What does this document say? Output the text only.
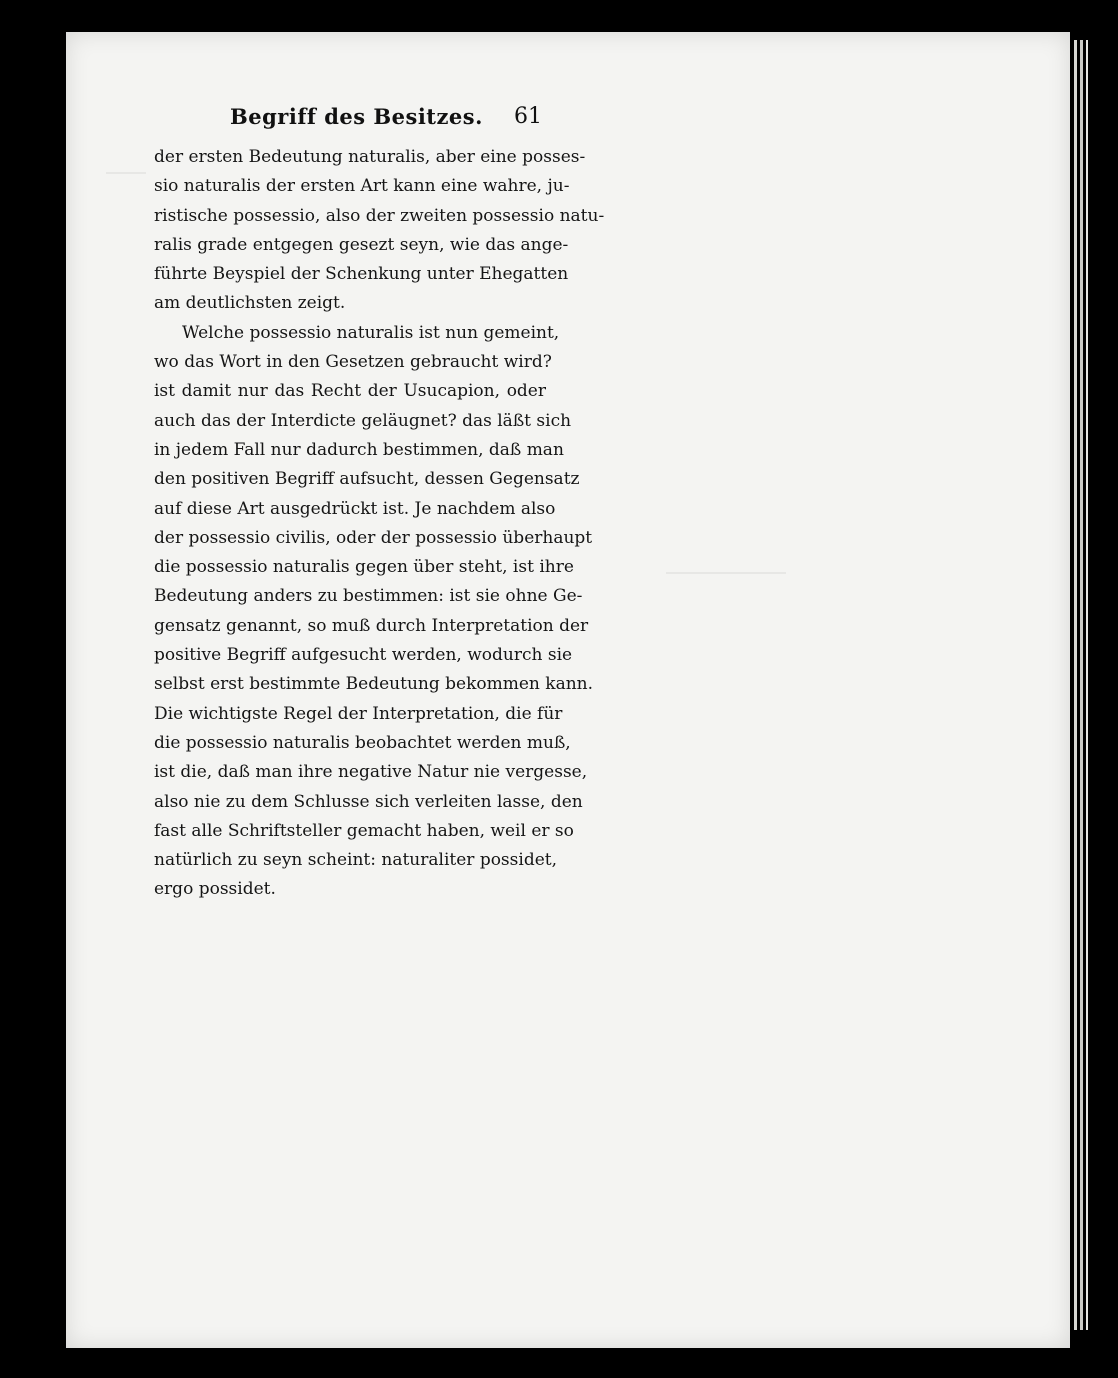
Begriff des Besitzes. 61
der ersten Bedeutung naturalis, aber eine posses-
sio naturalis der ersten Art kann eine wahre, ju-
ristische possessio, also der zweiten possessio natu-
ralis grade entgegen gesezt seyn, wie das ange-
führte Beyspiel der Schenkung unter Ehegatten
am deutlichsten zeigt.
Welche possessio naturalis ist nun gemeint,
wo das Wort in den Gesetzen gebraucht wird?
ist damit nur das Recht der Usucapion, oder
auch das der Interdicte geläugnet? das läßt sich
in jedem Fall nur dadurch bestimmen, daß man
den positiven Begriff aufsucht, dessen Gegensatz
auf diese Art ausgedrückt ist. Je nachdem also
der possessio civilis, oder der possessio überhaupt
die possessio naturalis gegen über steht, ist ihre
Bedeutung anders zu bestimmen: ist sie ohne Ge-
gensatz genannt, so muß durch Interpretation der
positive Begriff aufgesucht werden, wodurch sie
selbst erst bestimmte Bedeutung bekommen kann.
Die wichtigste Regel der Interpretation, die für
die possessio naturalis beobachtet werden muß,
ist die, daß man ihre negative Natur nie vergesse,
also nie zu dem Schlusse sich verleiten lasse, den
fast alle Schriftsteller gemacht haben, weil er so
natürlich zu seyn scheint: naturaliter possidet,
ergo possidet.
